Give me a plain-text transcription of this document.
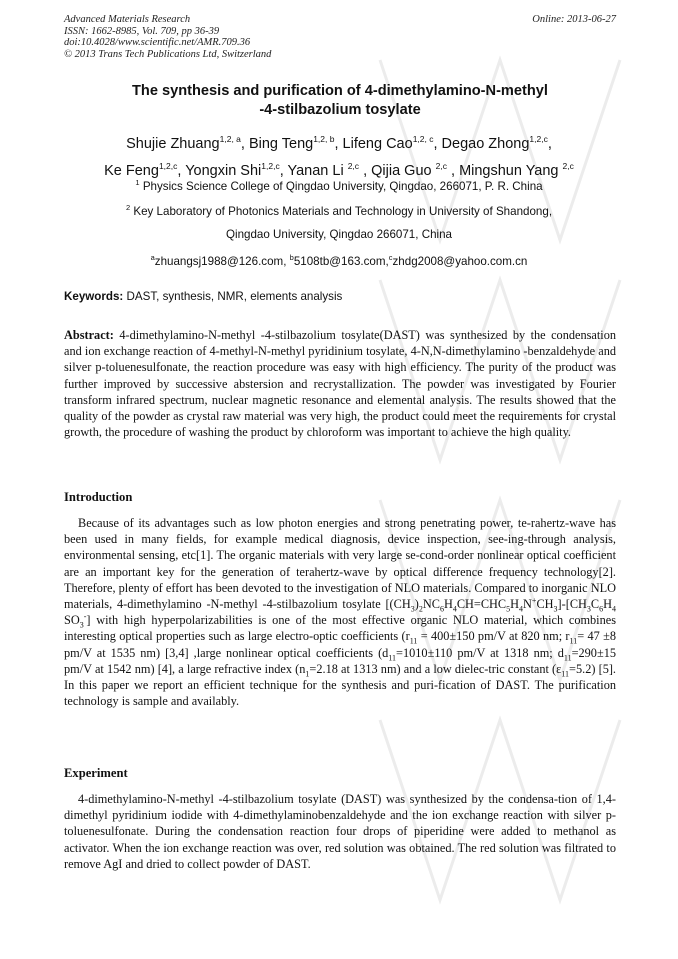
Advanced Materials Research
ISSN: 1662-8985, Vol. 709, pp 36-39
doi:10.4028/www.scientific.net/AMR.709.36
© 2013 Trans Tech Publications Ltd, Switzerland
Online: 2013-06-27
The synthesis and purification of 4-dimethylamino-N-methyl
-4-stilbazolium tosylate
Shujie Zhuang$^{1,2, a}$, Bing Teng$^{1,2, b}$, Lifeng Cao$^{1,2, c}$, Degao Zhong$^{1,2,c}$,
Ke Feng$^{1,2,c}$, Yongxin Shi$^{1,2,c}$, Yanan Li $^{2,c}$ , Qijia Guo $^{2,c}$ , Mingshun Yang $^{2,c}$
$^1$ Physics Science College of Qingdao University, Qingdao, 266071, P. R. China
$^2$ Key Laboratory of Photonics Materials and Technology in University of Shandong,
Qingdao University, Qingdao 266071, China
$^a$zhuangsj1988@126.com, $^b$5108tb@163.com,$^c$zhdg2008@yahoo.com.cn
Keywords: DAST, synthesis, NMR, elements analysis
Abstract: 4-dimethylamino-N-methyl -4-stilbazolium tosylate(DAST) was synthesized by the condensation and ion exchange reaction of 4-methyl-N-methyl pyridinium tosylate, 4-N,N-dimethylamino -benzaldehyde and silver p-toluenesulfonate, the reaction procedure was easy with high efficiency. The purity of the product was further improved by successive abstersion and recrystallization. The powder was investigated by Fourier transform infrared spectrum, nuclear magnetic resonance and elemental analysis. The results showed that the quality of the powder as crystal raw material was very high, the product could meet the requirements for crystal growth, the procedure of washing the product by chloroform was important to achieve the high quality.
Introduction
Because of its advantages such as low photon energies and strong penetrating power, te-rahertz-wave has been used in many fields, for example medical diagnosis, device inspection, see-ing-through analysis, environmental sensing, etc[1]. The organic materials with very large se-cond-order nonlinear optical coefficient are an important key for the generation of terahertz-wave by optical difference frequency technology[2]. Therefore, plenty of effort has been devoted to the investigation of NLO materials. Compared to inorganic NLO materials, 4-dimethylamino -N-methyl -4-stilbazolium tosylate $[(CH_3)_2NC_6H_4CH=CHC_5H_4N^+CH_3]-[CH_3C_6H_4$ $SO_3^-$] with high hyperpolarizabilities is one of the most effective organic NLO material, which combines interesting optical properties such as large electro-optic coefficients ($r_{11} = 400\pm 150$ pm/V at 820 nm; $r_{11}= 47 \pm 8$ pm/V at 1535 nm) [3,4] ,large nonlinear optical coefficients ($d_{11}=1010\pm 110$ pm/V at 1318 nm; $d_{11}=290\pm 15$ pm/V at 1542 nm) [4], a large refractive index ($n_1=2.18$ at 1313 nm) and a low dielec-tric constant $(\varepsilon_{11}=5.2)$ [5]. In this paper we report an efficient technique for the synthesis and puri-fication of DAST. The purification technology is sample and availably.
Experiment
4-dimethylamino-N-methyl -4-stilbazolium tosylate (DAST) was synthesized by the condensa-tion of 1,4-dimethyl pyridinium iodide with 4-dimethylaminobenzaldehyde and the ion exchange reaction with silver p-toluenesulfonate. During the condensation reaction four drops of piperidine were added to methanol as activator. When the ion exchange reaction was over, red solution was obtained. The red solution was filtrated to remove AgI and dried to collect powder of DAST.
